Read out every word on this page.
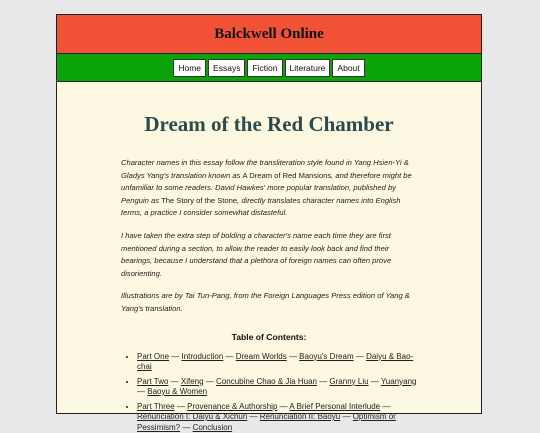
Balckwell Online
Home	Essays	Fiction	Literature	About
Dream of the Red Chamber

Character names in this essay follow the transliteration style found in Yang Hsien-Yi & Gladys Yang's translation known as A Dream of Red Mansions, and therefore might be unfamiliar to some readers. David Hawkes' more popular translation, published by Penguin as The Story of the Stone, directly translates character names into English terms, a practice I consider somewhat distasteful.

I have taken the extra step of bolding a character's name each time they are first mentioned during a section, to allow the reader to easily look back and find their bearings, because I understand that a plethora of foreign names can often prove disorienting.

Illustrations are by Tai Tun-Pang, from the Foreign Languages Press edition of Yang & Yang's translation.

Table of Contents:
• Part One — Introduction — Dream Worlds — Baoyu's Dream — Daiyu & Bao-chai
• Part Two — Xifeng — Concubine Chao & Jia Huan — Granny Liu — Yuanyang — Baoyu & Women
• Part Three — Provenance & Authorship — A Brief Personal Interlude — Renunciation I: Daiyu & Xichun — Renunciation II: Baoyu — Optimism or Pessimism? — Conclusion
